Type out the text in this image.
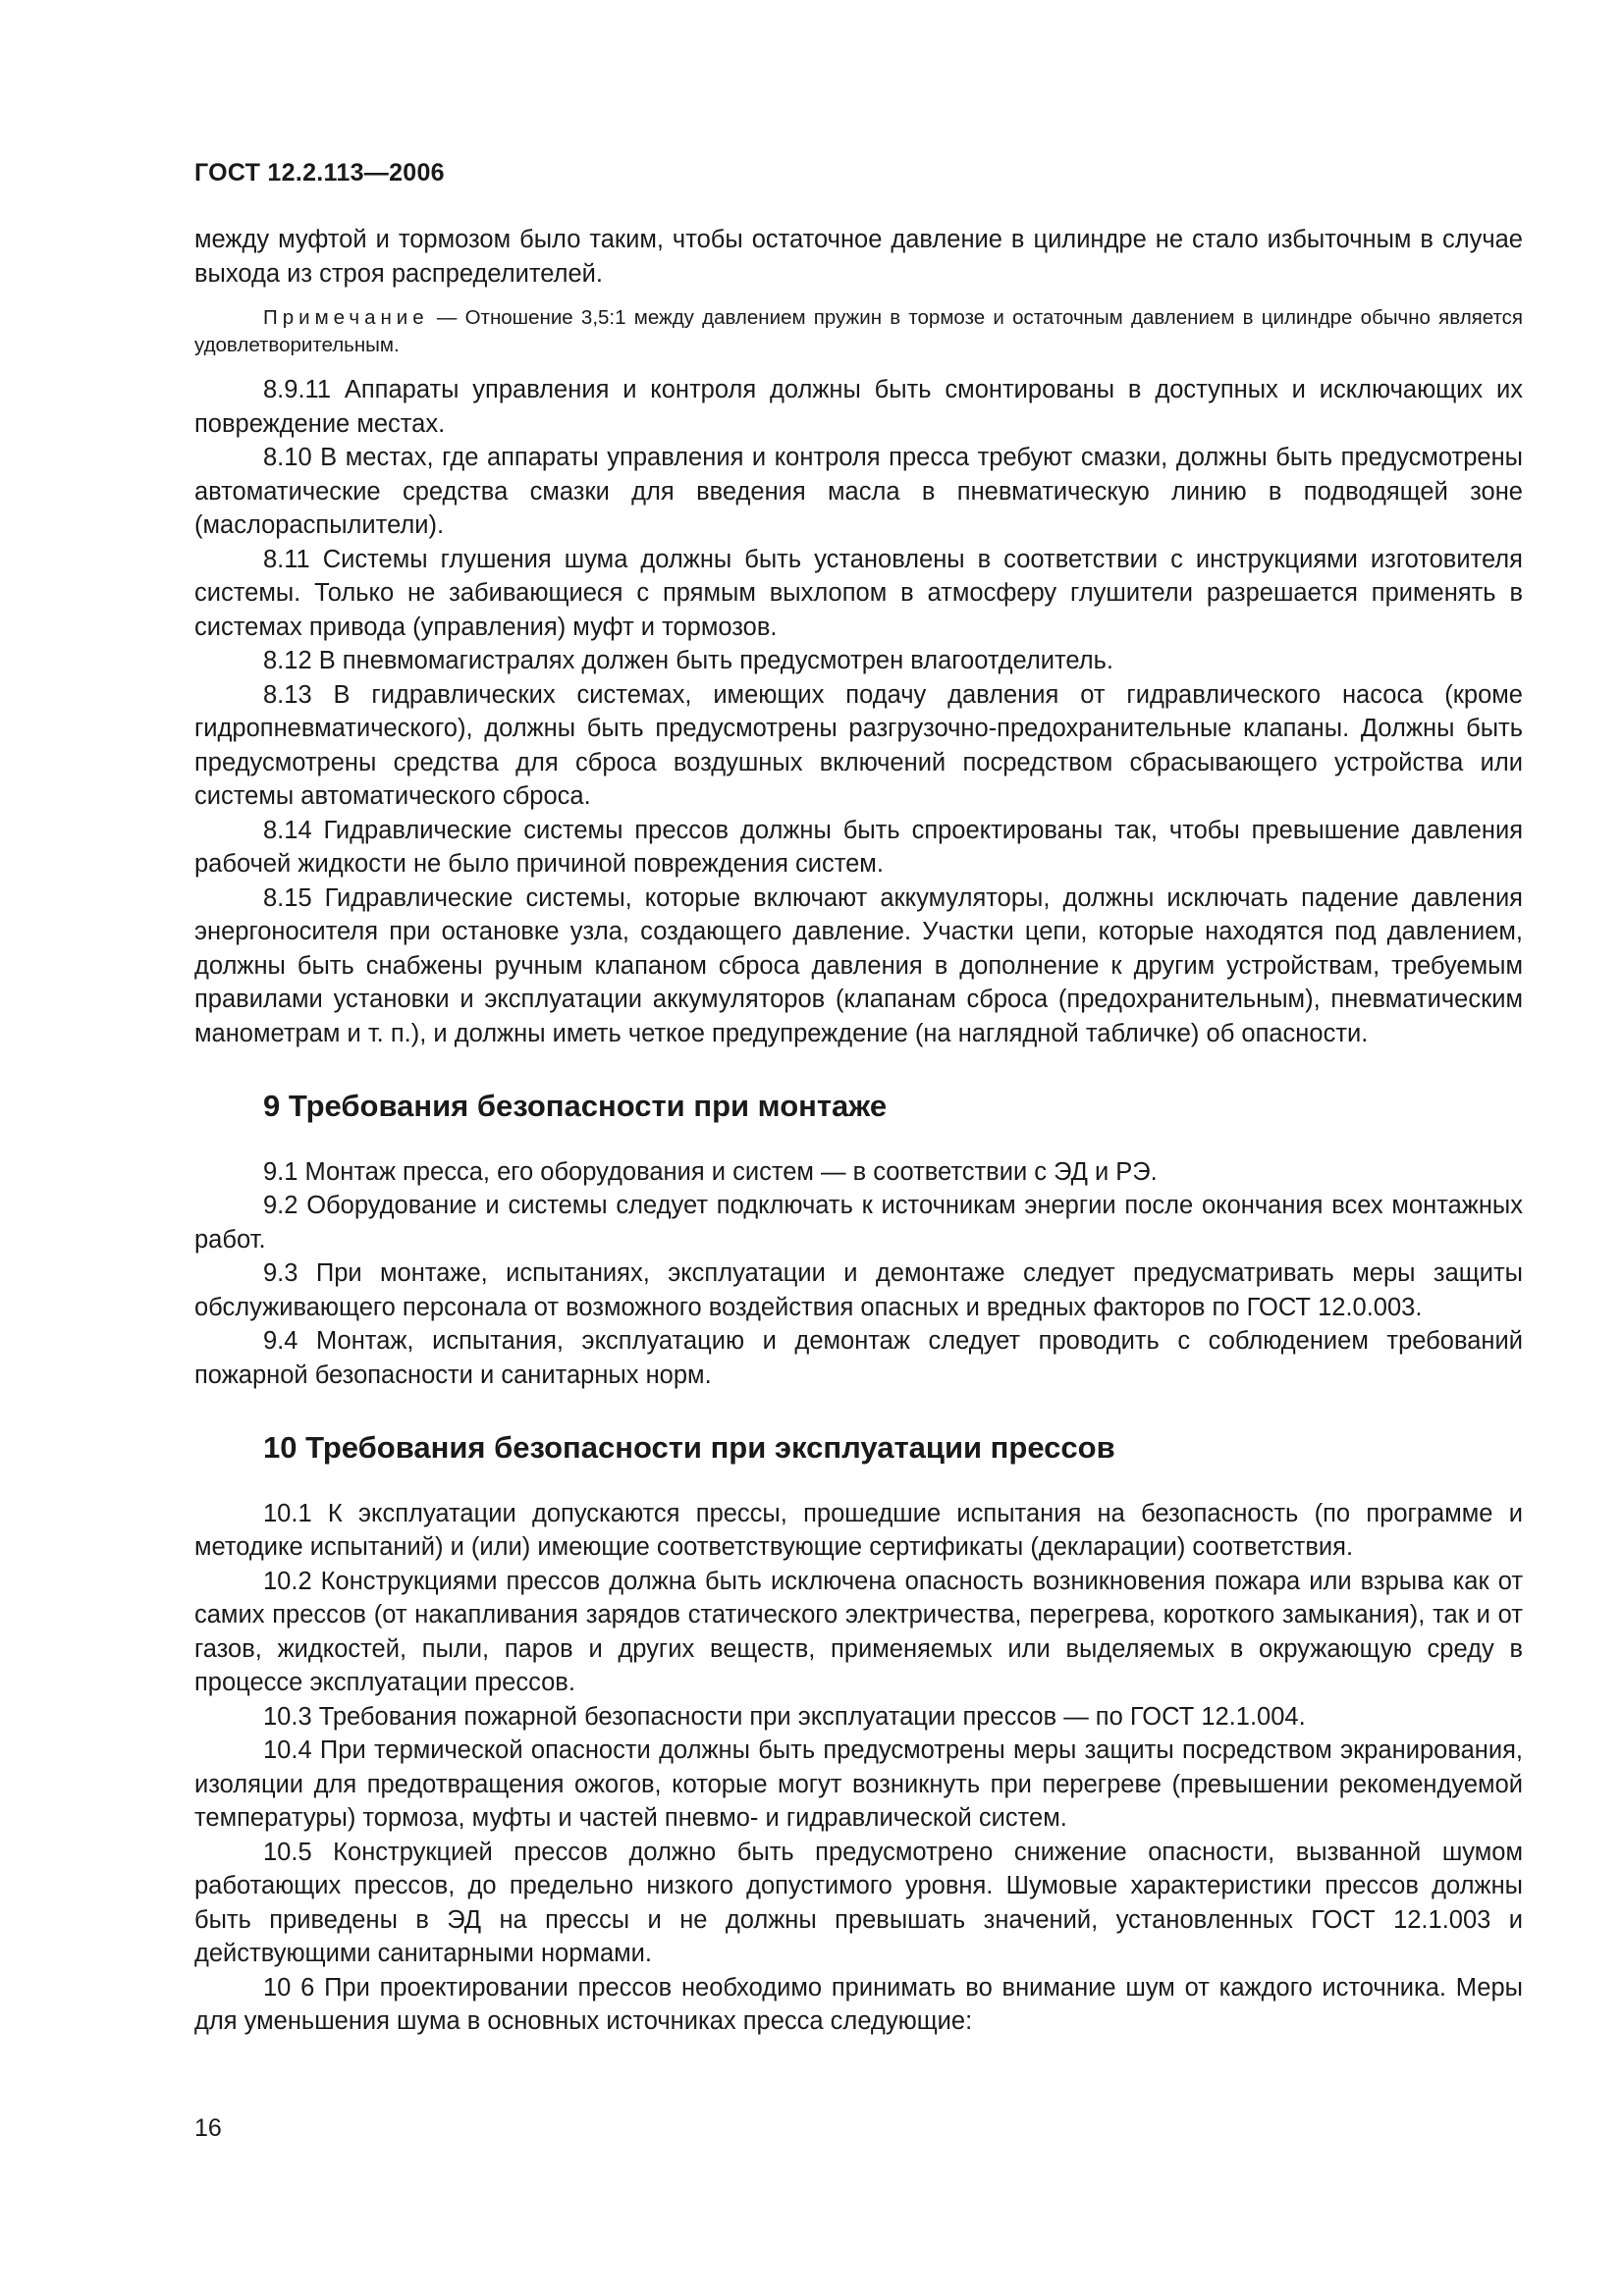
ГОСТ 12.2.113—2006

между муфтой и тормозом было таким, чтобы остаточное давление в цилиндре не стало избыточным в случае выхода из строя распределителей.

Примечание — Отношение 3,5:1 между давлением пружин в тормозе и остаточным давлением в цилиндре обычно является удовлетворительным.

8.9.11 Аппараты управления и контроля должны быть смонтированы в доступных и исключающих их повреждение местах.

8.10 В местах, где аппараты управления и контроля пресса требуют смазки, должны быть предусмотрены автоматические средства смазки для введения масла в пневматическую линию в подводящей зоне (маслораспылители).

8.11 Системы глушения шума должны быть установлены в соответствии с инструкциями изготовителя системы. Только не забивающиеся с прямым выхлопом в атмосферу глушители разрешается применять в системах привода (управления) муфт и тормозов.

8.12 В пневмомагистралях должен быть предусмотрен влагоотделитель.

8.13 В гидравлических системах, имеющих подачу давления от гидравлического насоса (кроме гидропневматического), должны быть предусмотрены разгрузочно-предохранительные клапаны. Должны быть предусмотрены средства для сброса воздушных включений посредством сбрасывающего устройства или системы автоматического сброса.

8.14 Гидравлические системы прессов должны быть спроектированы так, чтобы превышение давления рабочей жидкости не было причиной повреждения систем.

8.15 Гидравлические системы, которые включают аккумуляторы, должны исключать падение давления энергоносителя при остановке узла, создающего давление. Участки цепи, которые находятся под давлением, должны быть снабжены ручным клапаном сброса давления в дополнение к другим устройствам, требуемым правилами установки и эксплуатации аккумуляторов (клапанам сброса (предохранительным), пневматическим манометрам и т. п.), и должны иметь четкое предупреждение (на наглядной табличке) об опасности.

9 Требования безопасности при монтаже

9.1 Монтаж пресса, его оборудования и систем — в соответствии с ЭД и РЭ.

9.2 Оборудование и системы следует подключать к источникам энергии после окончания всех монтажных работ.

9.3 При монтаже, испытаниях, эксплуатации и демонтаже следует предусматривать меры защиты обслуживающего персонала от возможного воздействия опасных и вредных факторов по ГОСТ 12.0.003.

9.4 Монтаж, испытания, эксплуатацию и демонтаж следует проводить с соблюдением требований пожарной безопасности и санитарных норм.

10 Требования безопасности при эксплуатации прессов

10.1 К эксплуатации допускаются прессы, прошедшие испытания на безопасность (по программе и методике испытаний) и (или) имеющие соответствующие сертификаты (декларации) соответствия.

10.2 Конструкциями прессов должна быть исключена опасность возникновения пожара или взрыва как от самих прессов (от накапливания зарядов статического электричества, перегрева, короткого замыкания), так и от газов, жидкостей, пыли, паров и других веществ, применяемых или выделяемых в окружающую среду в процессе эксплуатации прессов.

10.3 Требования пожарной безопасности при эксплуатации прессов — по ГОСТ 12.1.004.

10.4 При термической опасности должны быть предусмотрены меры защиты посредством экранирования, изоляции для предотвращения ожогов, которые могут возникнуть при перегреве (превышении рекомендуемой температуры) тормоза, муфты и частей пневмо- и гидравлической систем.

10.5 Конструкцией прессов должно быть предусмотрено снижение опасности, вызванной шумом работающих прессов, до предельно низкого допустимого уровня. Шумовые характеристики прессов должны быть приведены в ЭД на прессы и не должны превышать значений, установленных ГОСТ 12.1.003 и действующими санитарными нормами.

10 6 При проектировании прессов необходимо принимать во внимание шум от каждого источника. Меры для уменьшения шума в основных источниках пресса следующие:

16
